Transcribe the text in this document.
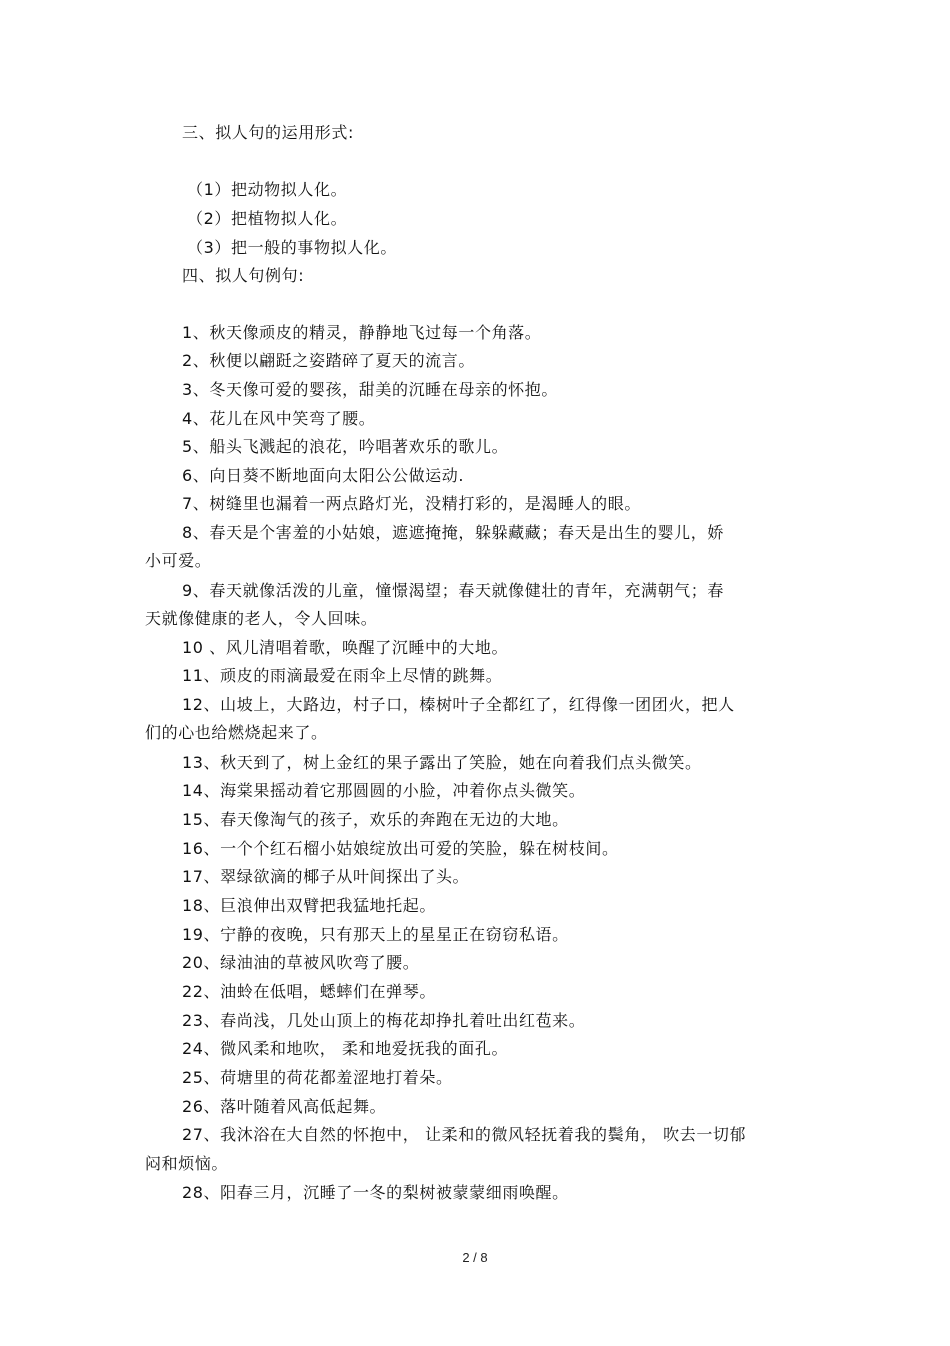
三、拟人句的运用形式:
（1）把动物拟人化。
（2）把植物拟人化。
（3）把一般的事物拟人化。
四、拟人句例句:
1、秋天像顽皮的精灵，静静地飞过每一个角落。
2、秋便以翩跹之姿踏碎了夏天的流言。
3、冬天像可爱的婴孩，甜美的沉睡在母亲的怀抱。
4、花儿在风中笑弯了腰。
5、船头飞溅起的浪花，吟唱著欢乐的歌儿。
6、向日葵不断地面向太阳公公做运动.
7、树缝里也漏着一两点路灯光，没精打彩的，是渴睡人的眼。
8、春天是个害羞的小姑娘，遮遮掩掩，躲躲藏藏；春天是出生的婴儿，娇
小可爱。
9、春天就像活泼的儿童，憧憬渴望；春天就像健壮的青年，充满朝气；春
天就像健康的老人，令人回味。
10 、风儿清唱着歌，唤醒了沉睡中的大地。
11、顽皮的雨滴最爱在雨伞上尽情的跳舞。
12、山坡上，大路边，村子口，榛树叶子全都红了，红得像一团团火，把人
们的心也给燃烧起来了。
13、秋天到了，树上金红的果子露出了笑脸，她在向着我们点头微笑。
14、海棠果摇动着它那圆圆的小脸，冲着你点头微笑。
15、春天像淘气的孩子，欢乐的奔跑在无边的大地。
16、一个个红石榴小姑娘绽放出可爱的笑脸，躲在树枝间。
17、翠绿欲滴的椰子从叶间探出了头。
18、巨浪伸出双臂把我猛地托起。
19、宁静的夜晚，只有那天上的星星正在窃窃私语。
20、绿油油的草被风吹弯了腰。
22、油蛉在低唱，蟋蟀们在弹琴。
23、春尚浅，几处山顶上的梅花却挣扎着吐出红苞来。
24、微风柔和地吹， 柔和地爱抚我的面孔。
25、荷塘里的荷花都羞涩地打着朵。
26、落叶随着风高低起舞。
27、我沐浴在大自然的怀抱中， 让柔和的微风轻抚着我的鬓角， 吹去一切郁
闷和烦恼。
28、阳春三月，沉睡了一冬的梨树被蒙蒙细雨唤醒。
2 / 8
